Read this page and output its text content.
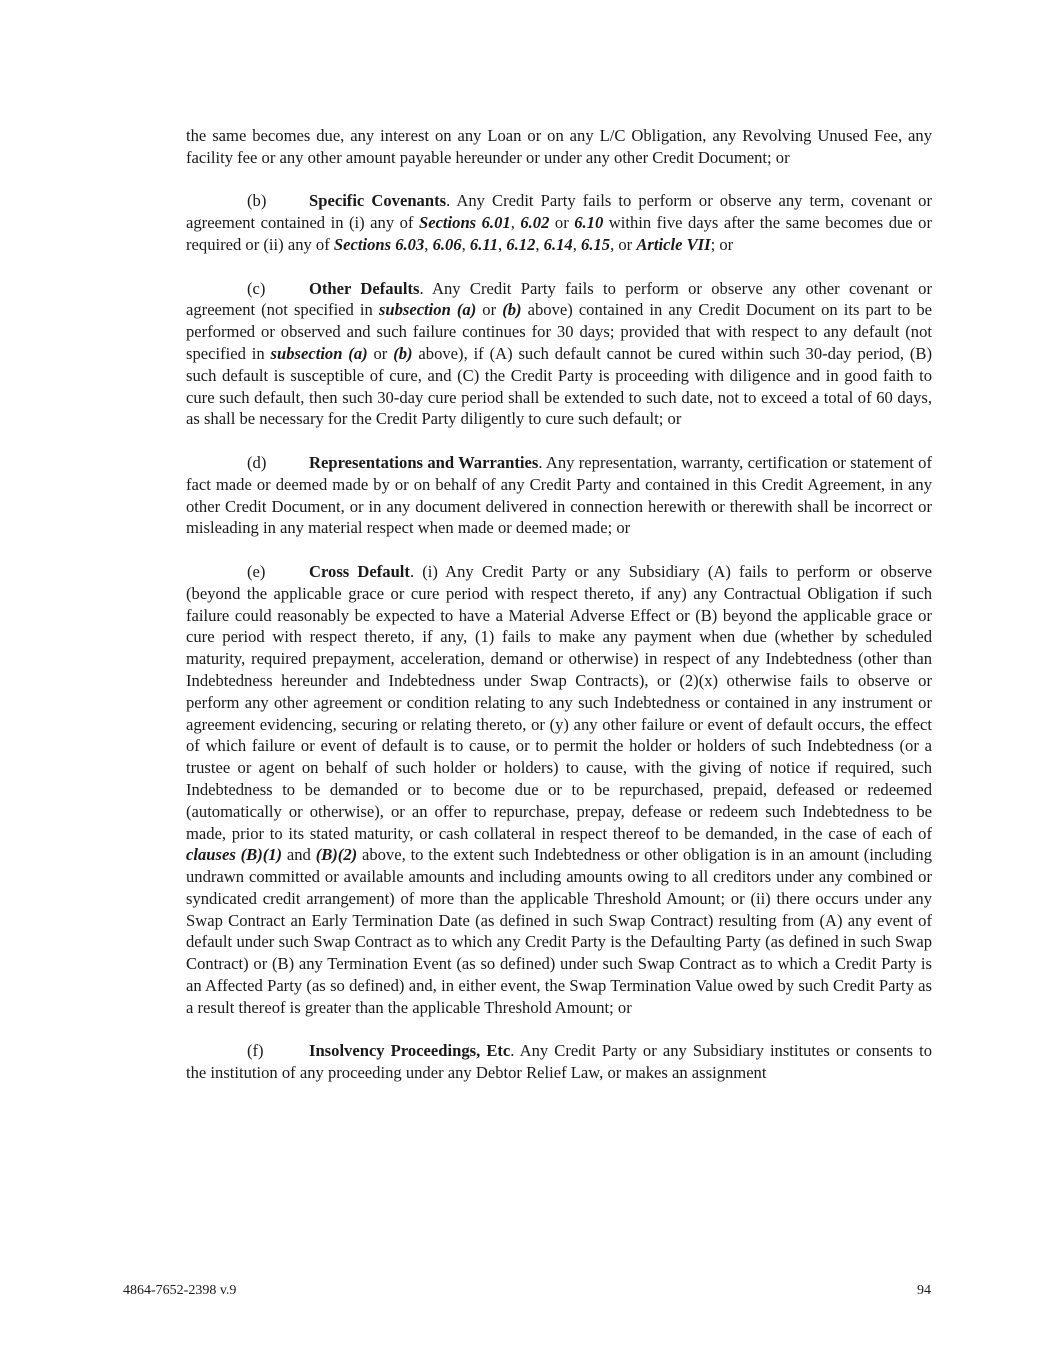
the same becomes due, any interest on any Loan or on any L/C Obligation, any Revolving Unused Fee, any facility fee or any other amount payable hereunder or under any other Credit Document; or

(b)	Specific Covenants. Any Credit Party fails to perform or observe any term, covenant or agreement contained in (i) any of Sections 6.01, 6.02 or 6.10 within five days after the same becomes due or required or (ii) any of Sections 6.03, 6.06, 6.11, 6.12, 6.14, 6.15, or Article VII; or

(c)	Other Defaults. Any Credit Party fails to perform or observe any other covenant or agreement (not specified in subsection (a) or (b) above) contained in any Credit Document on its part to be performed or observed and such failure continues for 30 days; provided that with respect to any default (not specified in subsection (a) or (b) above), if (A) such default cannot be cured within such 30-day period, (B) such default is susceptible of cure, and (C) the Credit Party is proceeding with diligence and in good faith to cure such default, then such 30-day cure period shall be extended to such date, not to exceed a total of 60 days, as shall be necessary for the Credit Party diligently to cure such default; or

(d)	Representations and Warranties. Any representation, warranty, certification or statement of fact made or deemed made by or on behalf of any Credit Party and contained in this Credit Agreement, in any other Credit Document, or in any document delivered in connection herewith or therewith shall be incorrect or misleading in any material respect when made or deemed made; or

(e)	Cross Default. (i) Any Credit Party or any Subsidiary (A) fails to perform or observe (beyond the applicable grace or cure period with respect thereto, if any) any Contractual Obligation if such failure could reasonably be expected to have a Material Adverse Effect or (B) beyond the applicable grace or cure period with respect thereto, if any, (1) fails to make any payment when due (whether by scheduled maturity, required prepayment, acceleration, demand or otherwise) in respect of any Indebtedness (other than Indebtedness hereunder and Indebtedness under Swap Contracts), or (2)(x) otherwise fails to observe or perform any other agreement or condition relating to any such Indebtedness or contained in any instrument or agreement evidencing, securing or relating thereto, or (y) any other failure or event of default occurs, the effect of which failure or event of default is to cause, or to permit the holder or holders of such Indebtedness (or a trustee or agent on behalf of such holder or holders) to cause, with the giving of notice if required, such Indebtedness to be demanded or to become due or to be repurchased, prepaid, defeased or redeemed (automatically or otherwise), or an offer to repurchase, prepay, defease or redeem such Indebtedness to be made, prior to its stated maturity, or cash collateral in respect thereof to be demanded, in the case of each of clauses (B)(1) and (B)(2) above, to the extent such Indebtedness or other obligation is in an amount (including undrawn committed or available amounts and including amounts owing to all creditors under any combined or syndicated credit arrangement) of more than the applicable Threshold Amount; or (ii) there occurs under any Swap Contract an Early Termination Date (as defined in such Swap Contract) resulting from (A) any event of default under such Swap Contract as to which any Credit Party is the Defaulting Party (as defined in such Swap Contract) or (B) any Termination Event (as so defined) under such Swap Contract as to which a Credit Party is an Affected Party (as so defined) and, in either event, the Swap Termination Value owed by such Credit Party as a result thereof is greater than the applicable Threshold Amount; or

(f)	Insolvency Proceedings, Etc. Any Credit Party or any Subsidiary institutes or consents to the institution of any proceeding under any Debtor Relief Law, or makes an assignment

4864-7652-2398 v.9	94
